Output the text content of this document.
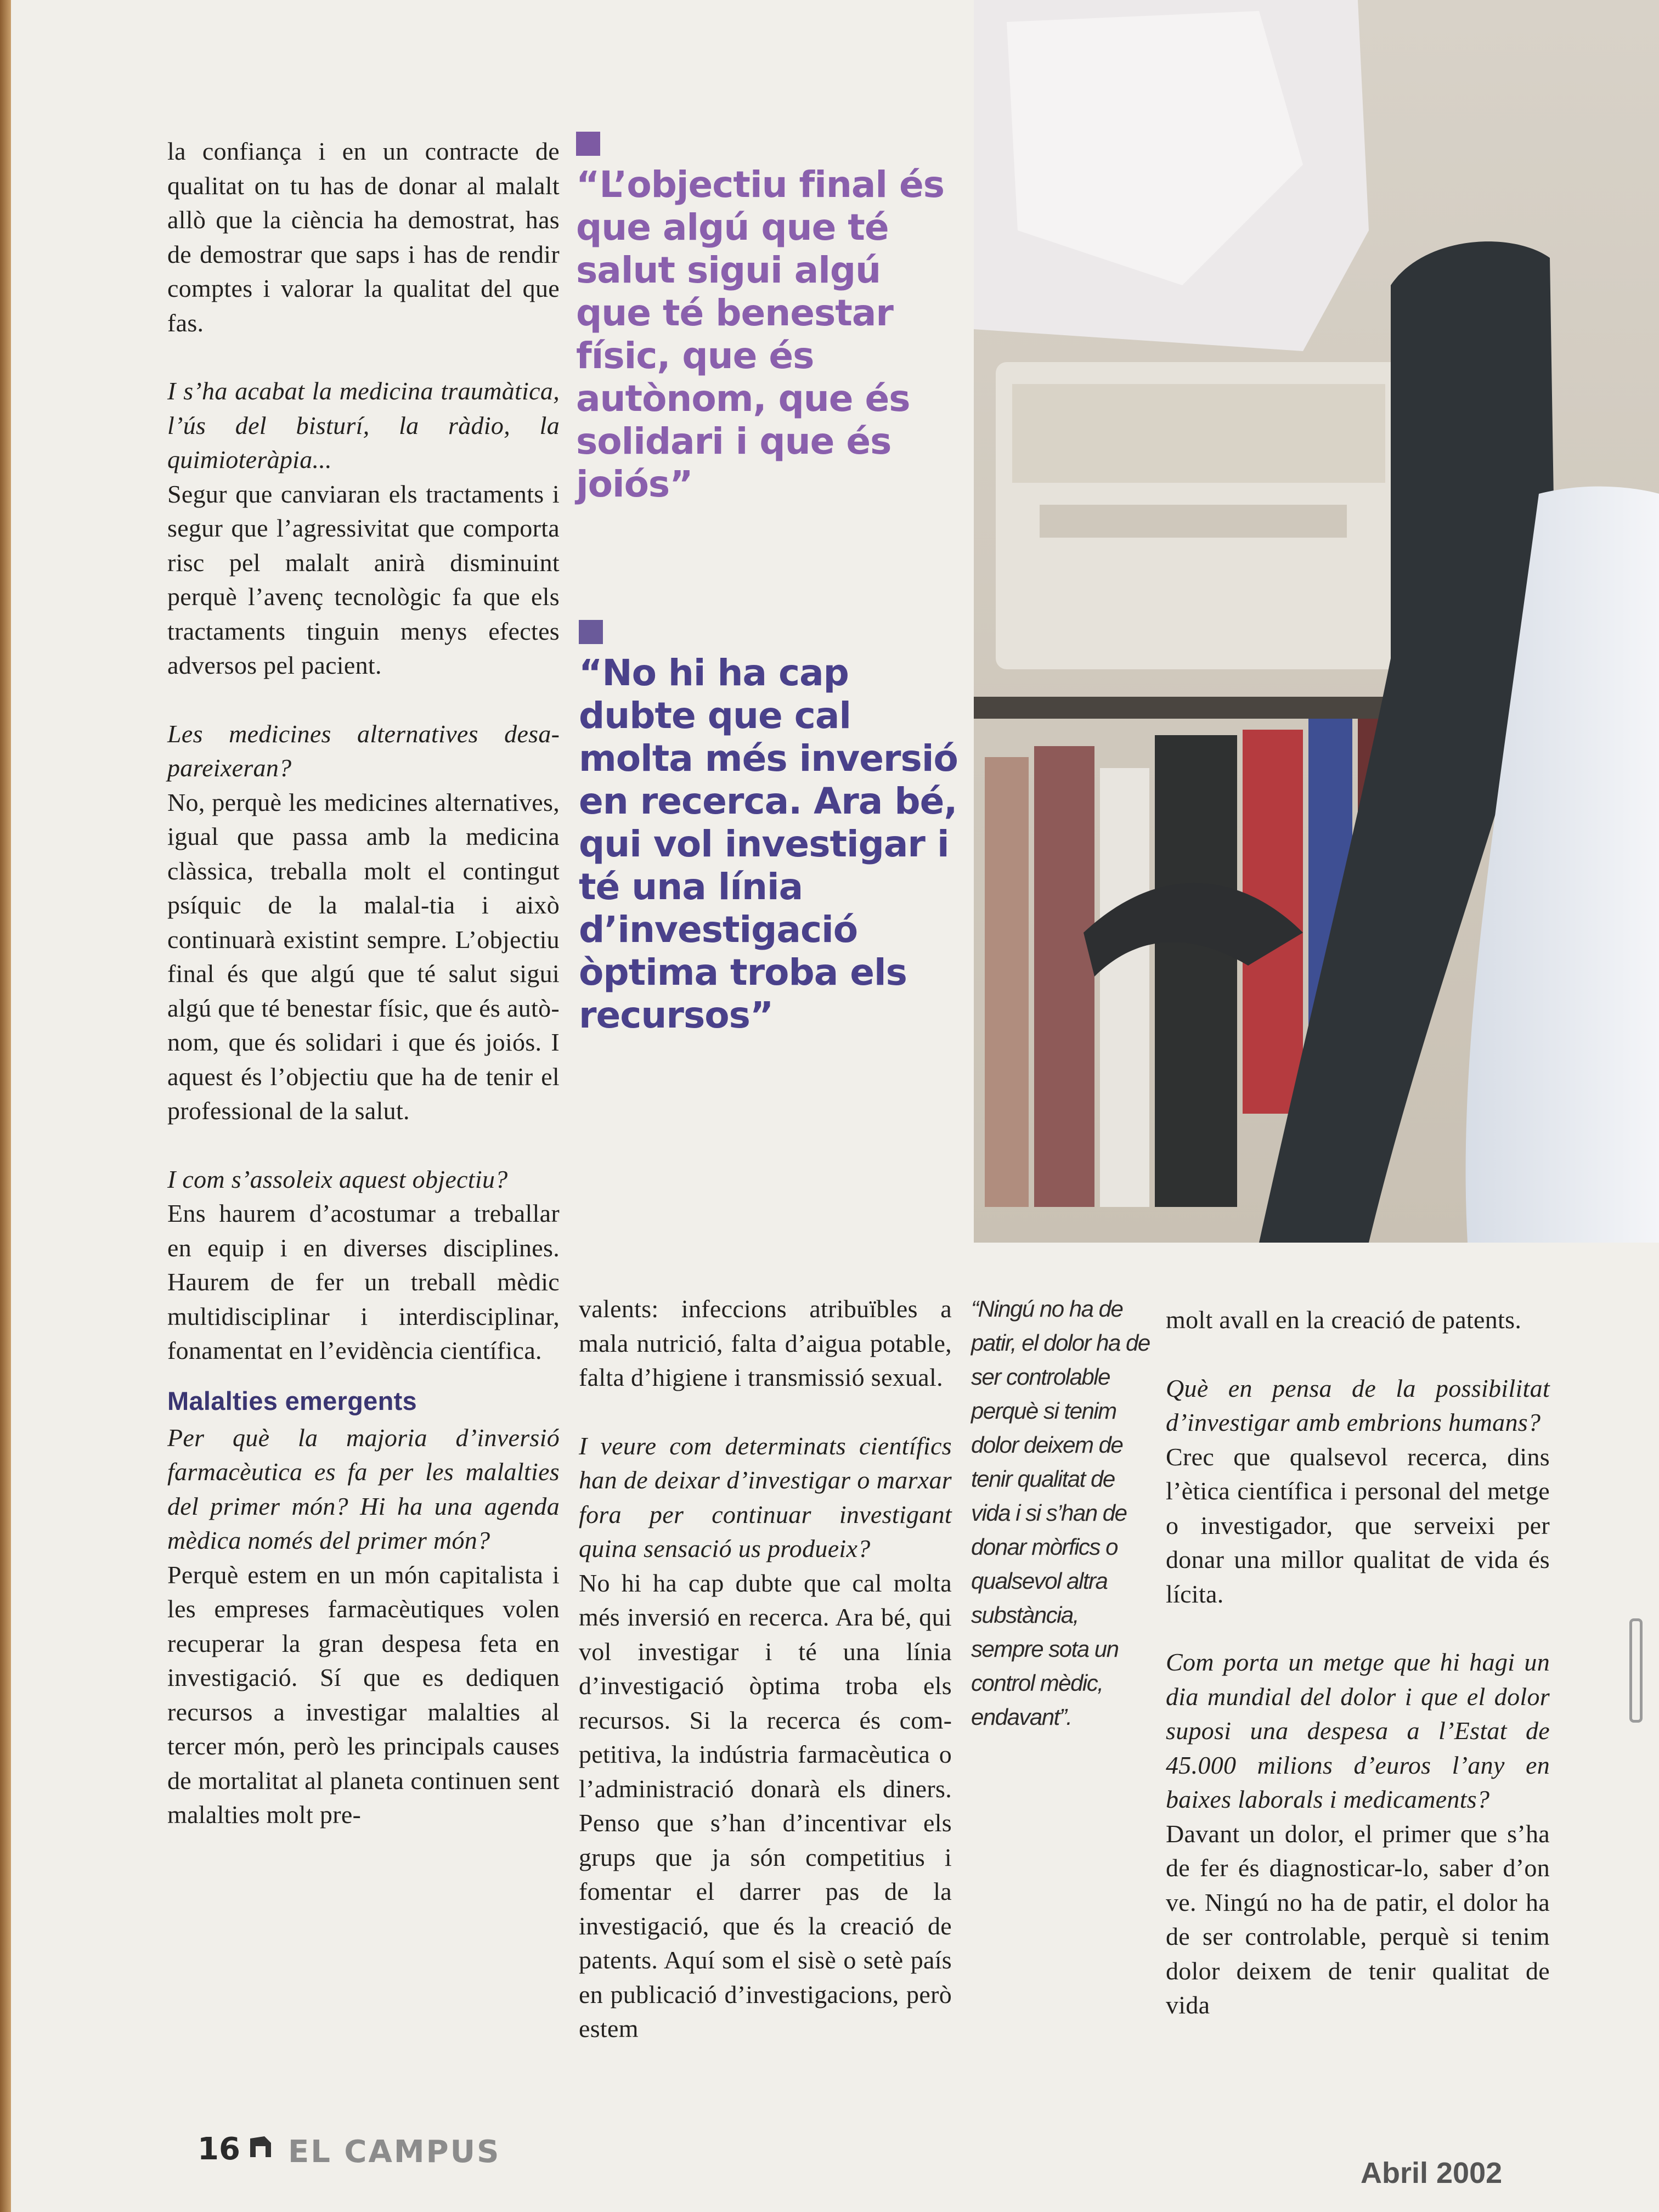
la confiança i en un contracte de qualitat on tu has de donar al malalt allò que la ciència ha demostrat, has de demostrar que saps i has de rendir comptes i valorar la qualitat del que fas.

I s’ha acabat la medicina traumàtica, l’ús del bisturí, la ràdio, la quimioteràpia...
Segur que canviaran els tractaments i segur que l’agressivitat que comporta risc pel malalt anirà disminuint perquè l’avenç tecnològic fa que els tractaments tinguin menys efectes adversos pel pacient.

Les medicines alternatives desapareixeran?
No, perquè les medicines alternatives, igual que passa amb la medicina clàssica, treballa molt el contingut psíquic de la malal-tia i això continuarà existint sempre. L’objectiu final és que algú que té salut sigui algú que té benestar físic, que és autò-nom, que és solidari i que és joiós. I aquest és l’objectiu que ha de tenir el professional de la salut.

I com s’assoleix aquest objectiu?
Ens haurem d’acostumar a treballar en equip i en diverses disciplines. Haurem de fer un treball mèdic multidisciplinar i interdisciplinar, fonamentat en l’evidència científica.

Malalties emergents

Per què la majoria d’inversió farmacèutica es fa per les malalties del primer món? Hi ha una agenda mèdica només del primer món?
Perquè estem en un món capitalista i les empreses farmacèutiques volen recuperar la gran despesa feta en investigació. Sí que es dediquen recursos a investigar malalties al tercer món, però les principals causes de mortalitat al planeta continuen sent malalties molt pre-

“L’objectiu final és que algú que té salut sigui algú que té benestar físic, que és autònom, que és solidari i que és joiós”
“No hi ha cap dubte que cal molta més inversió en recerca. Ara bé, qui vol investigar i té una línia d’investigació òptima troba els recursos”

valents: infeccions atribuïbles a mala nutrició, falta d’aigua potable, falta d’higiene i transmissió sexual.

I veure com determinats científics han de deixar d’investigar o marxar fora per continuar investigant quina sensació us produeix?
No hi ha cap dubte que cal molta més inversió en recerca. Ara bé, qui vol investigar i té una línia d’investigació òptima troba els recursos. Si la recerca és competitiva, la indústria farmacèutica o l’administració donarà els diners. Penso que s’han d’incentivar els grups que ja són competitius i fomentar el darrer pas de la investigació, que és la creació de patents. Aquí som el sisè o setè país en publicació d’investigacions, però estem

“Ningú no ha de patir, el dolor ha de ser controlable perquè si tenim dolor deixem de tenir qualitat de vida i si s’han de donar mòrfics o qualsevol altra substància, sempre sota un control mèdic, endavant”.

molt avall en la creació de patents.

Què en pensa de la possibilitat d’investigar amb embrions humans?
Crec que qualsevol recerca, dins l’ètica científica i personal del metge o investigador, que serveixi per donar una millor qualitat de vida és lícita.

Com porta un metge que hi hagi un dia mundial del dolor i que el dolor suposi una despesa a l’Estat de 45.000 milions d’euros l’any en baixes laborals i medicaments?
Davant un dolor, el primer que s’ha de fer és diagnosticar-lo, saber d’on ve. Ningú no ha de patir, el dolor ha de ser controlable, perquè si tenim dolor deixem de tenir qualitat de vida

16 EL CAMPUS
Abril 2002
